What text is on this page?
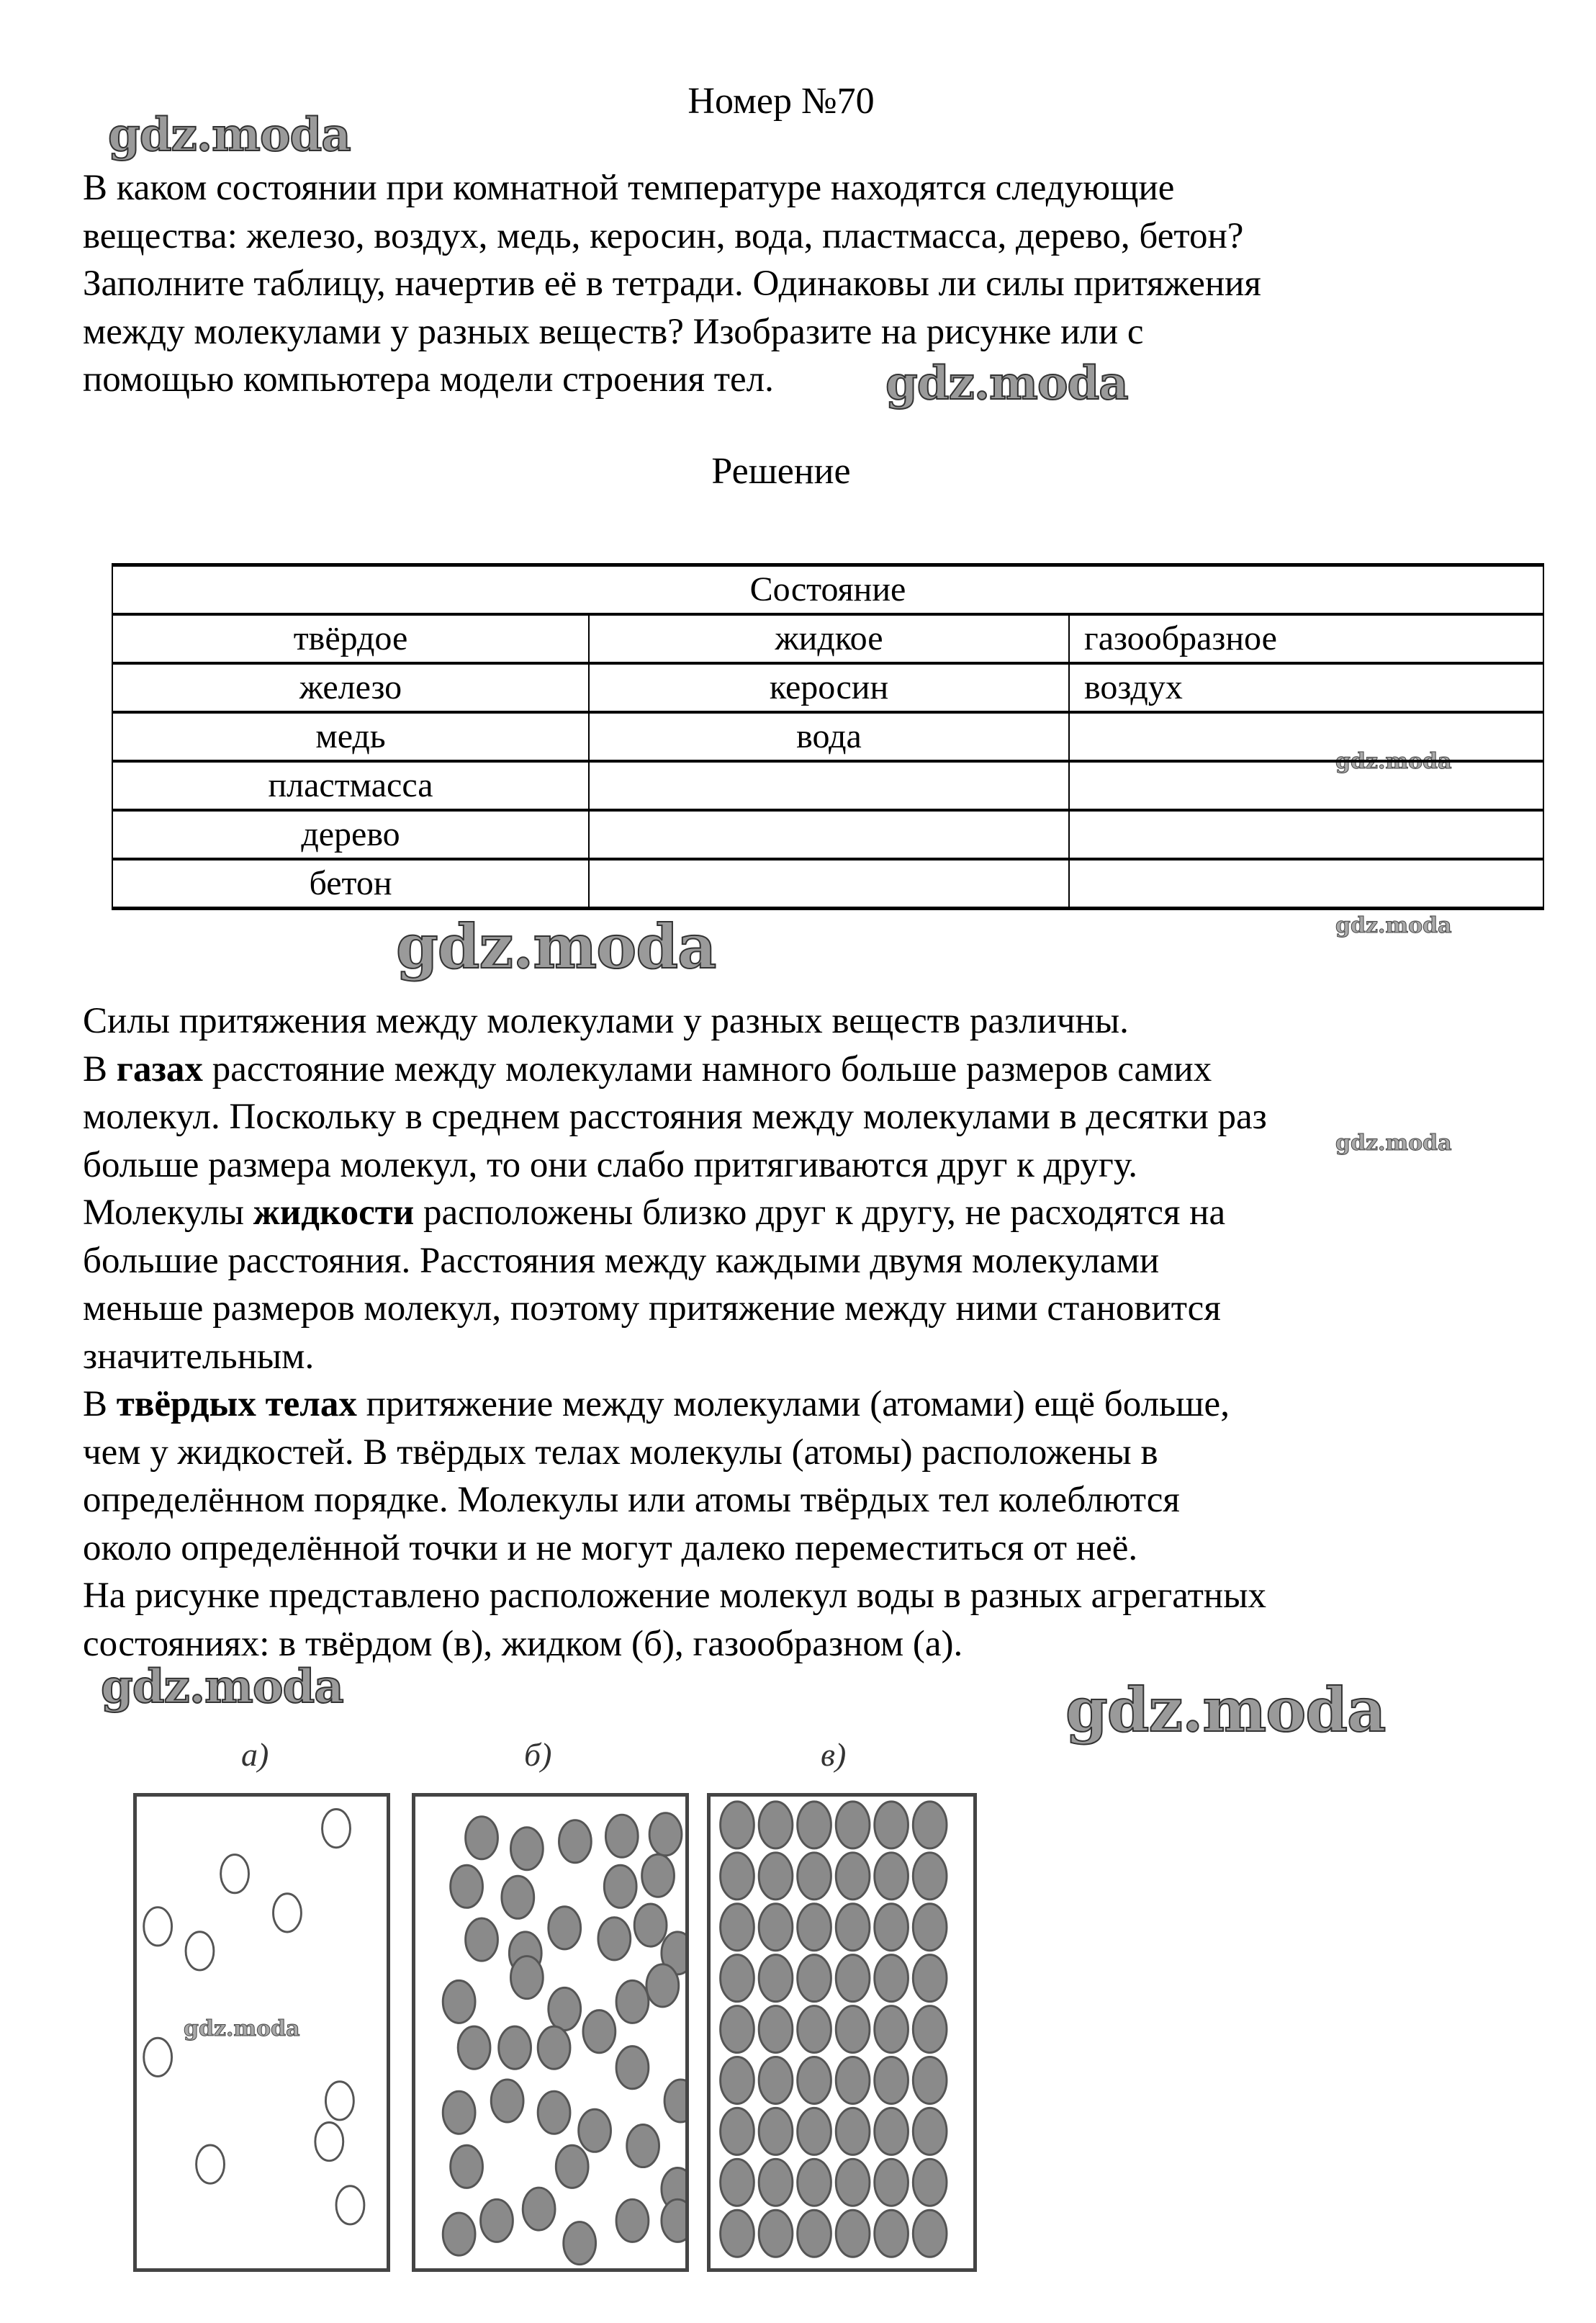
Номер №70
gdz.moda
gdz.moda
gdz.moda
gdz.moda
gdz.moda
gdz.moda
gdz.moda	gdz.moda
В каком состоянии при комнатной температуре находятся следующие
вещества: железо, воздух, медь, керосин, вода, пластмасса, дерево, бетон?
Заполните таблицу, начертив её в тетради. Одинаковы ли силы притяжения
между молекулами у разных веществ? Изобразите на рисунке или с
помощью компьютера модели строения тел.
Решение
Состояние		
твёрдое	жидкое	газообразное
железо	керосин	воздух
медь	вода	
пластмасса		
дерево		
бетон		
Силы притяжения между молекулами у разных веществ различны.
В газах расстояние между молекулами намного больше размеров самих
молекул. Поскольку в среднем расстояния между молекулами в десятки раз
больше размера молекул, то они слабо притягиваются друг к другу.
Молекулы жидкости расположены близко друг к другу, не расходятся на
большие расстояния. Расстояния между каждыми двумя молекулами
меньше размеров молекул, поэтому притяжение между ними становится
значительным.
В твёрдых телах притяжение между молекулами (атомами) ещё больше,
чем у жидкостей. В твёрдых телах молекулы (атомы) расположены в
определённом порядке. Молекулы или атомы твёрдых тел колеблются
около определённой точки и не могут далеко переместиться от неё.
На рисунке представлено расположение молекул воды в разных агрегатных
состояниях: в твёрдом (в), жидком (б), газообразном (а).
а)	б)	в)
gdz.moda
